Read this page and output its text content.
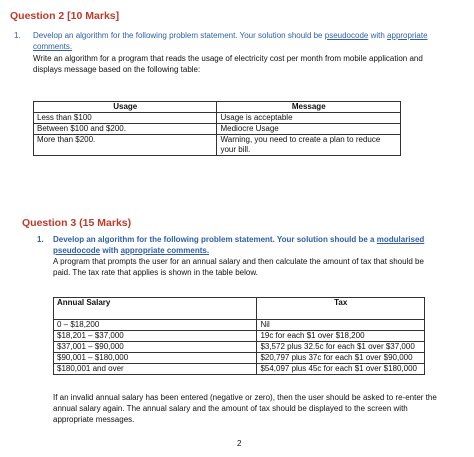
Question 2 [10 Marks]
1. Develop an algorithm for the following problem statement. Your solution should be pseudocode with appropriate
comments.
Write an algorithm for a program that reads the usage of electricity cost per month from mobile application and
displays message based on the following table:
Usage	Message
Less than $100	Usage is acceptable
Between $100 and $200.	Mediocre Usage
More than $200.	Warning, you need to create a plan to reduce
your bill.
Question 3 (15 Marks)
1. Develop an algorithm for the following problem statement. Your solution should be a modularised
pseudocode with appropriate comments.
A program that prompts the user for an annual salary and then calculate the amount of tax that should be
paid. The tax rate that applies is shown in the table below.
Annual Salary	Tax
0 – $18,200	Nil
$18,201 – $37,000	19c for each $1 over $18,200
$37,001 – $90,000	$3,572 plus 32.5c for each $1 over $37,000
$90,001 – $180,000	$20,797 plus 37c for each $1 over $90,000
$180,001 and over	$54,097 plus 45c for each $1 over $180,000
If an invalid annual salary has been entered (negative or zero), then the user should be asked to re-enter the
annual salary again. The annual salary and the amount of tax should be displayed to the screen with
appropriate messages.
2
